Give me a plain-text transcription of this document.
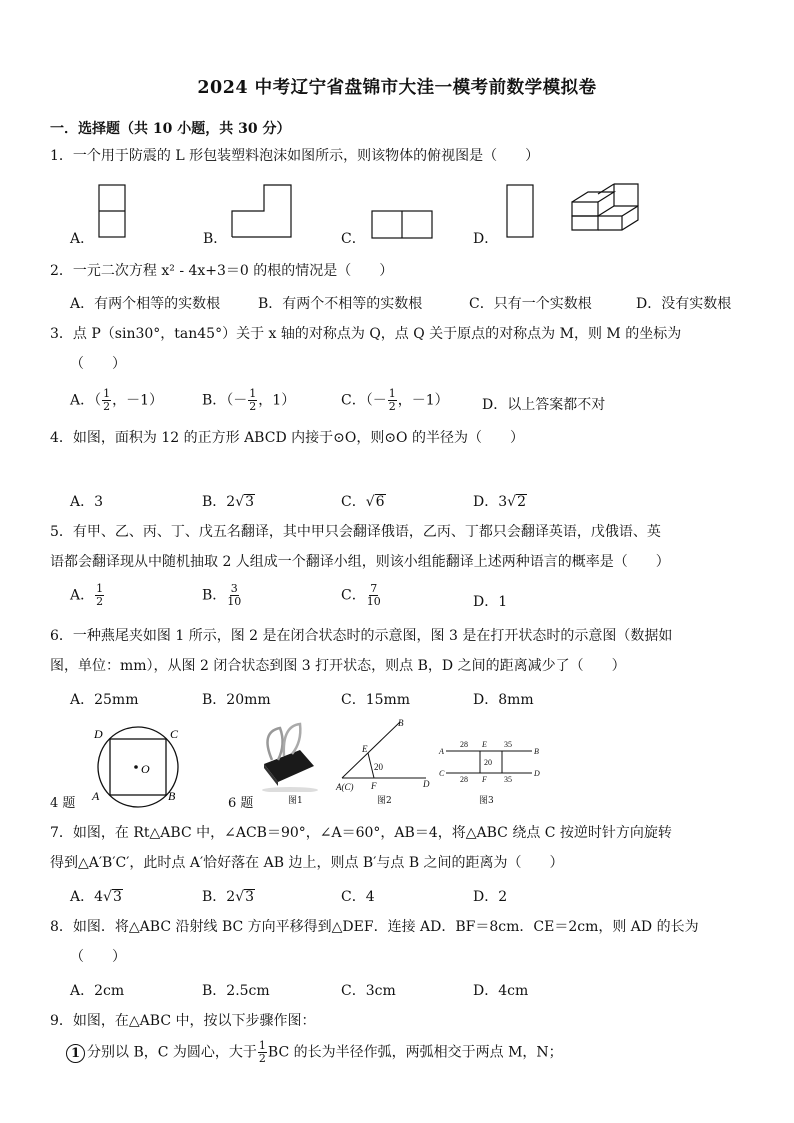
2024 中考辽宁省盘锦市大洼一模考前数学模拟卷
一．选择题（共 10 小题，共 30 分）
1．一个用于防震的 L 形包装塑料泡沫如图所示，则该物体的俯视图是（　　）
A．	B．	C．	D．
2．一元二次方程 x² - 4x+3＝0 的根的情况是（　　）
A．有两个相等的实数根	B．有两个不相等的实数根	C．只有一个实数根	D．没有实数根
3．点 P（sin30°，tan45°）关于 x 轴的对称点为 Q，点 Q 关于原点的对称点为 M，则 M 的坐标为
（　　）
A．（ $\frac{1}{2}$ ，－1）	B．（－ $\frac{1}{2}$ ，1）	C．（－ $\frac{1}{2}$ ，－1） D．以上答案都不对
4．如图，面积为 12 的正方形 ABCD 内接于⊙O，则⊙O 的半径为（　　）
A．3	B．2√3	C．√6	D．3√2
5．有甲、乙、丙、丁、戊五名翻译，其中甲只会翻译俄语，乙丙、丁都只会翻译英语，戊俄语、英
语都会翻译现从中随机抽取 2 人组成一个翻译小组，则该小组能翻译上述两种语言的概率是（　　）
A． $\frac{1}{2}$	B． $\frac{3}{10}$	C． $\frac{7}{10}$	D．1
6．一种燕尾夹如图 1 所示，图 2 是在闭合状态时的示意图，图 3 是在打开状态时的示意图（数据如
图，单位：mm），从图 2 闭合状态到图 3 打开状态，则点 B，D 之间的距离减少了（　　）
A．25mm	B．20mm	C．15mm	D．8mm
D	C
A	B
O
4 题	6 题	图1
B
E
20
A(C) F	D
图2
28 E 35
B
A
20
C
28 F 35
D
图3
7．如图，在 Rt△ABC 中，∠ACB＝90°，∠A＝60°，AB＝4，将△ABC 绕点 C 按逆时针方向旋转
得到△A′B′C′，此时点 A′恰好落在 AB 边上，则点 B′与点 B 之间的距离为（　　）
A．4√3	B．2√3	C．4	D．2
8．如图．将△ABC 沿射线 BC 方向平移得到△DEF．连接 AD．BF＝8cm．CE＝2cm，则 AD 的长为
（　　）
A．2cm	B．2.5cm	C．3cm	D．4cm
9．如图，在△ABC 中，按以下步骤作图：
1 分别以 B，C 为圆心，大于 $\frac{1}{2}$ BC 的长为半径作弧，两弧相交于两点 M，N；
